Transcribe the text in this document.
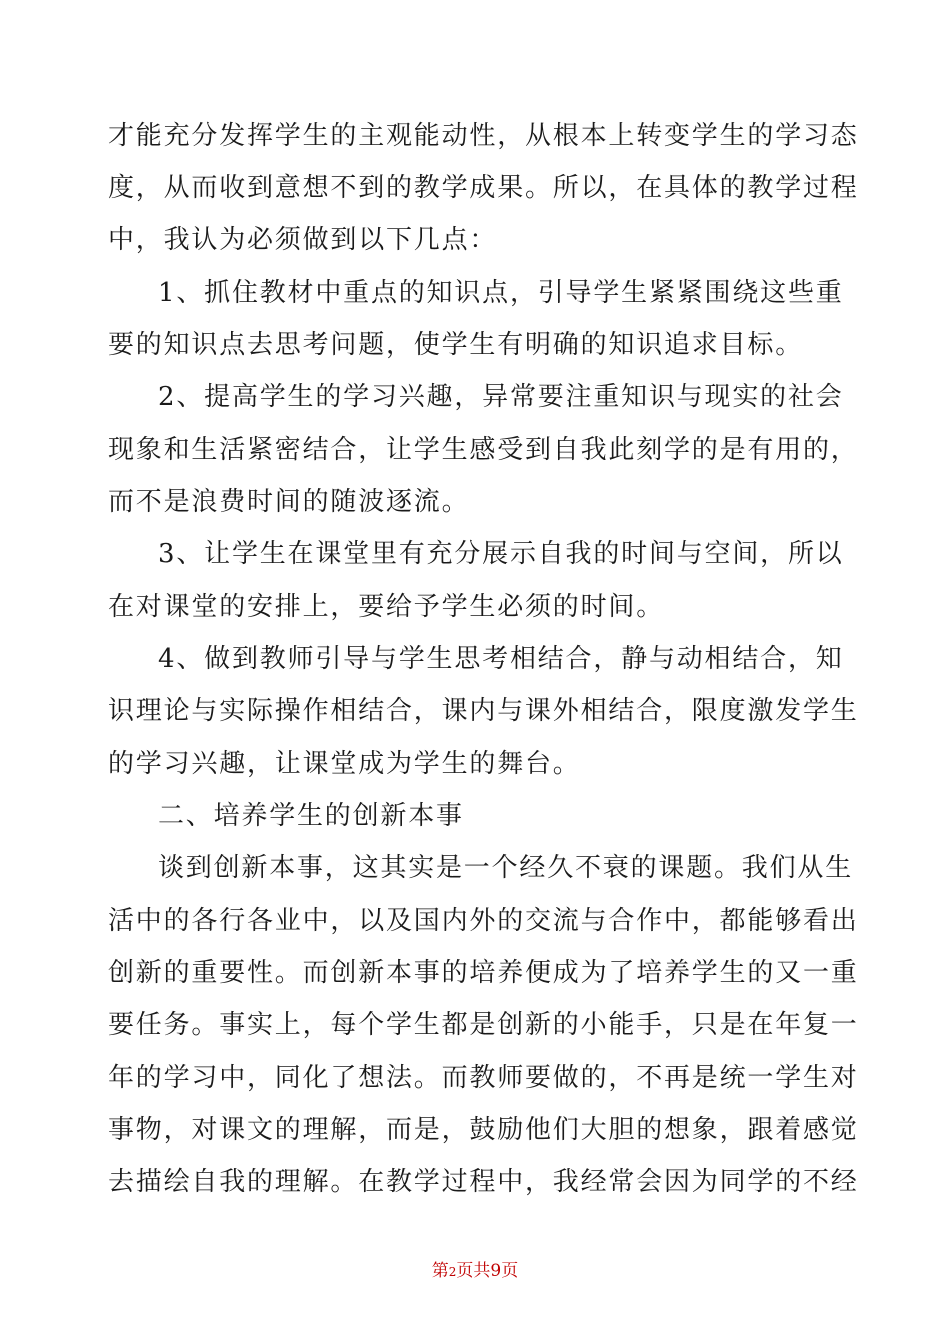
才能充分发挥学生的主观能动性，从根本上转变学生的学习态
度，从而收到意想不到的教学成果。所以，在具体的教学过程
中，我认为必须做到以下几点：
1、抓住教材中重点的知识点，引导学生紧紧围绕这些重
要的知识点去思考问题，使学生有明确的知识追求目标。
2、提高学生的学习兴趣，异常要注重知识与现实的社会
现象和生活紧密结合，让学生感受到自我此刻学的是有用的，
而不是浪费时间的随波逐流。
3、让学生在课堂里有充分展示自我的时间与空间，所以
在对课堂的安排上，要给予学生必须的时间。
4、做到教师引导与学生思考相结合，静与动相结合，知
识理论与实际操作相结合，课内与课外相结合，限度激发学生
的学习兴趣，让课堂成为学生的舞台。
二、培养学生的创新本事
谈到创新本事，这其实是一个经久不衰的课题。我们从生
活中的各行各业中，以及国内外的交流与合作中，都能够看出
创新的重要性。而创新本事的培养便成为了培养学生的又一重
要任务。事实上，每个学生都是创新的小能手，只是在年复一
年的学习中，同化了想法。而教师要做的，不再是统一学生对
事物，对课文的理解，而是，鼓励他们大胆的想象，跟着感觉
去描绘自我的理解。在教学过程中，我经常会因为同学的不经
第2页共9页
